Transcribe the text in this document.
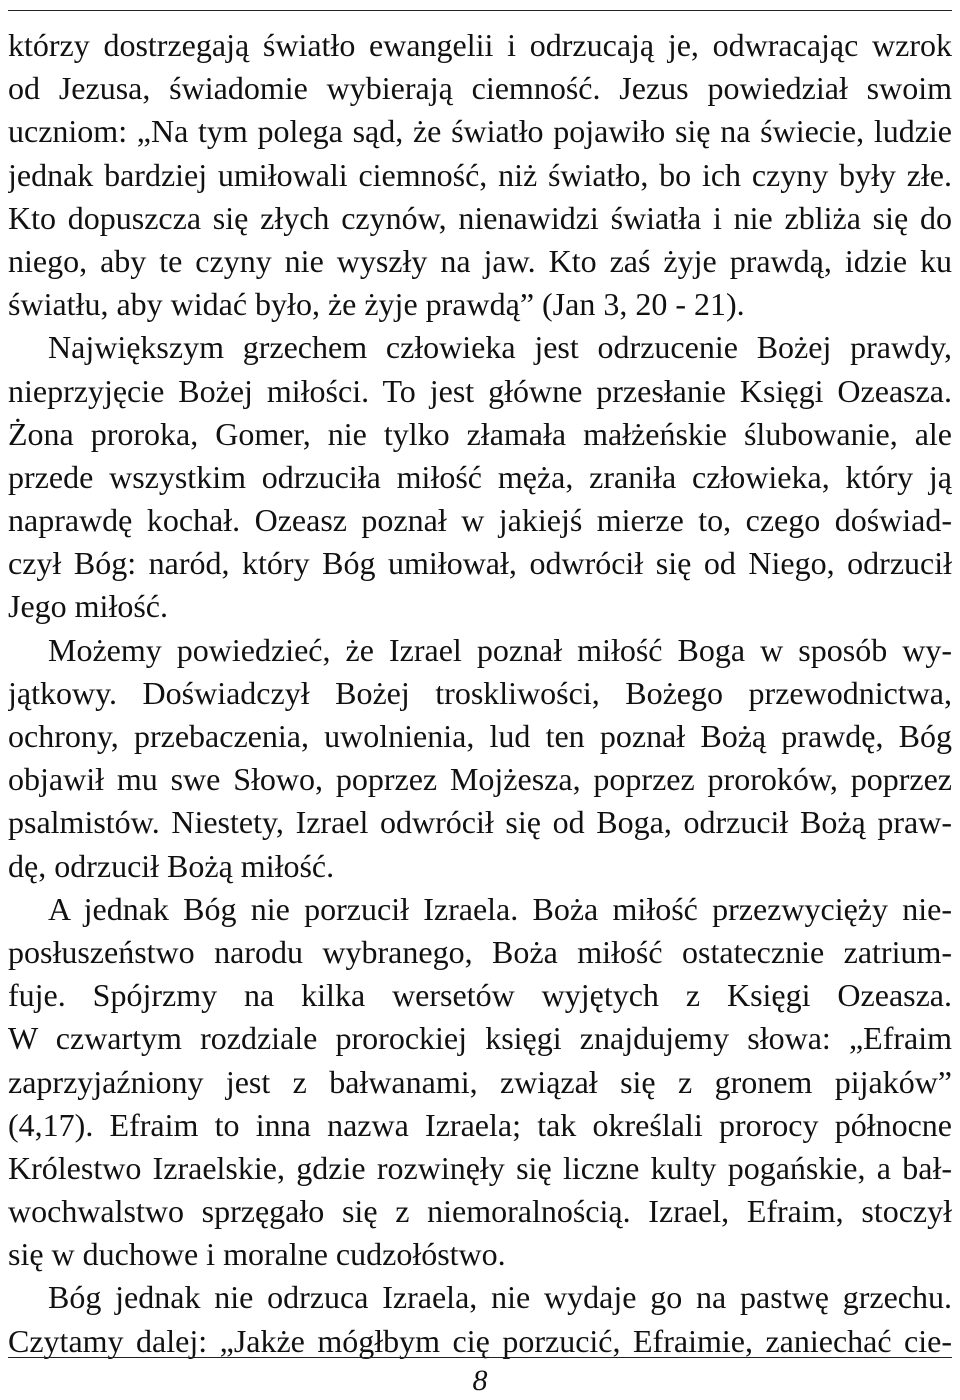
którzy dostrzegają światło ewangelii i odrzucają je, odwracając wzrok
od Jezusa, świadomie wybierają ciemność. Jezus powiedział swoim
uczniom: „Na tym polega sąd, że światło pojawiło się na świecie, ludzie
jednak bardziej umiłowali ciemność, niż światło, bo ich czyny były złe.
Kto dopuszcza się złych czynów, nienawidzi światła i nie zbliża się do
niego, aby te czyny nie wyszły na jaw. Kto zaś żyje prawdą, idzie ku
światłu, aby widać było, że żyje prawdą” (Jan 3, 20 - 21).
Największym grzechem człowieka jest odrzucenie Bożej prawdy,
nieprzyjęcie Bożej miłości. To jest główne przesłanie Księgi Ozeasza.
Żona proroka, Gomer, nie tylko złamała małżeńskie ślubowanie, ale
przede wszystkim odrzuciła miłość męża, zraniła człowieka, który ją
naprawdę kochał. Ozeasz poznał w jakiejś mierze to, czego doświad-
czył Bóg: naród, który Bóg umiłował, odwrócił się od Niego, odrzucił
Jego miłość.
Możemy powiedzieć, że Izrael poznał miłość Boga w sposób wy-
jątkowy. Doświadczył Bożej troskliwości, Bożego przewodnictwa,
ochrony, przebaczenia, uwolnienia, lud ten poznał Bożą prawdę, Bóg
objawił mu swe Słowo, poprzez Mojżesza, poprzez proroków, poprzez
psalmistów. Niestety, Izrael odwrócił się od Boga, odrzucił Bożą praw-
dę, odrzucił Bożą miłość.
A jednak Bóg nie porzucił Izraela. Boża miłość przezwycięży nie-
posłuszeństwo narodu wybranego, Boża miłość ostatecznie zatrium-
fuje. Spójrzmy na kilka wersetów wyjętych z Księgi Ozeasza.
W czwartym rozdziale prorockiej księgi znajdujemy słowa: „Efraim
zaprzyjaźniony jest z bałwanami, związał się z gronem pijaków”
(4,17). Efraim to inna nazwa Izraela; tak określali prorocy północne
Królestwo Izraelskie, gdzie rozwinęły się liczne kulty pogańskie, a bał-
wochwalstwo sprzęgało się z niemoralnością. Izrael, Efraim, stoczył
się w duchowe i moralne cudzołóstwo.
Bóg jednak nie odrzuca Izraela, nie wydaje go na pastwę grzechu.
Czytamy dalej: „Jakże mógłbym cię porzucić, Efraimie, zaniechać cie-
8
